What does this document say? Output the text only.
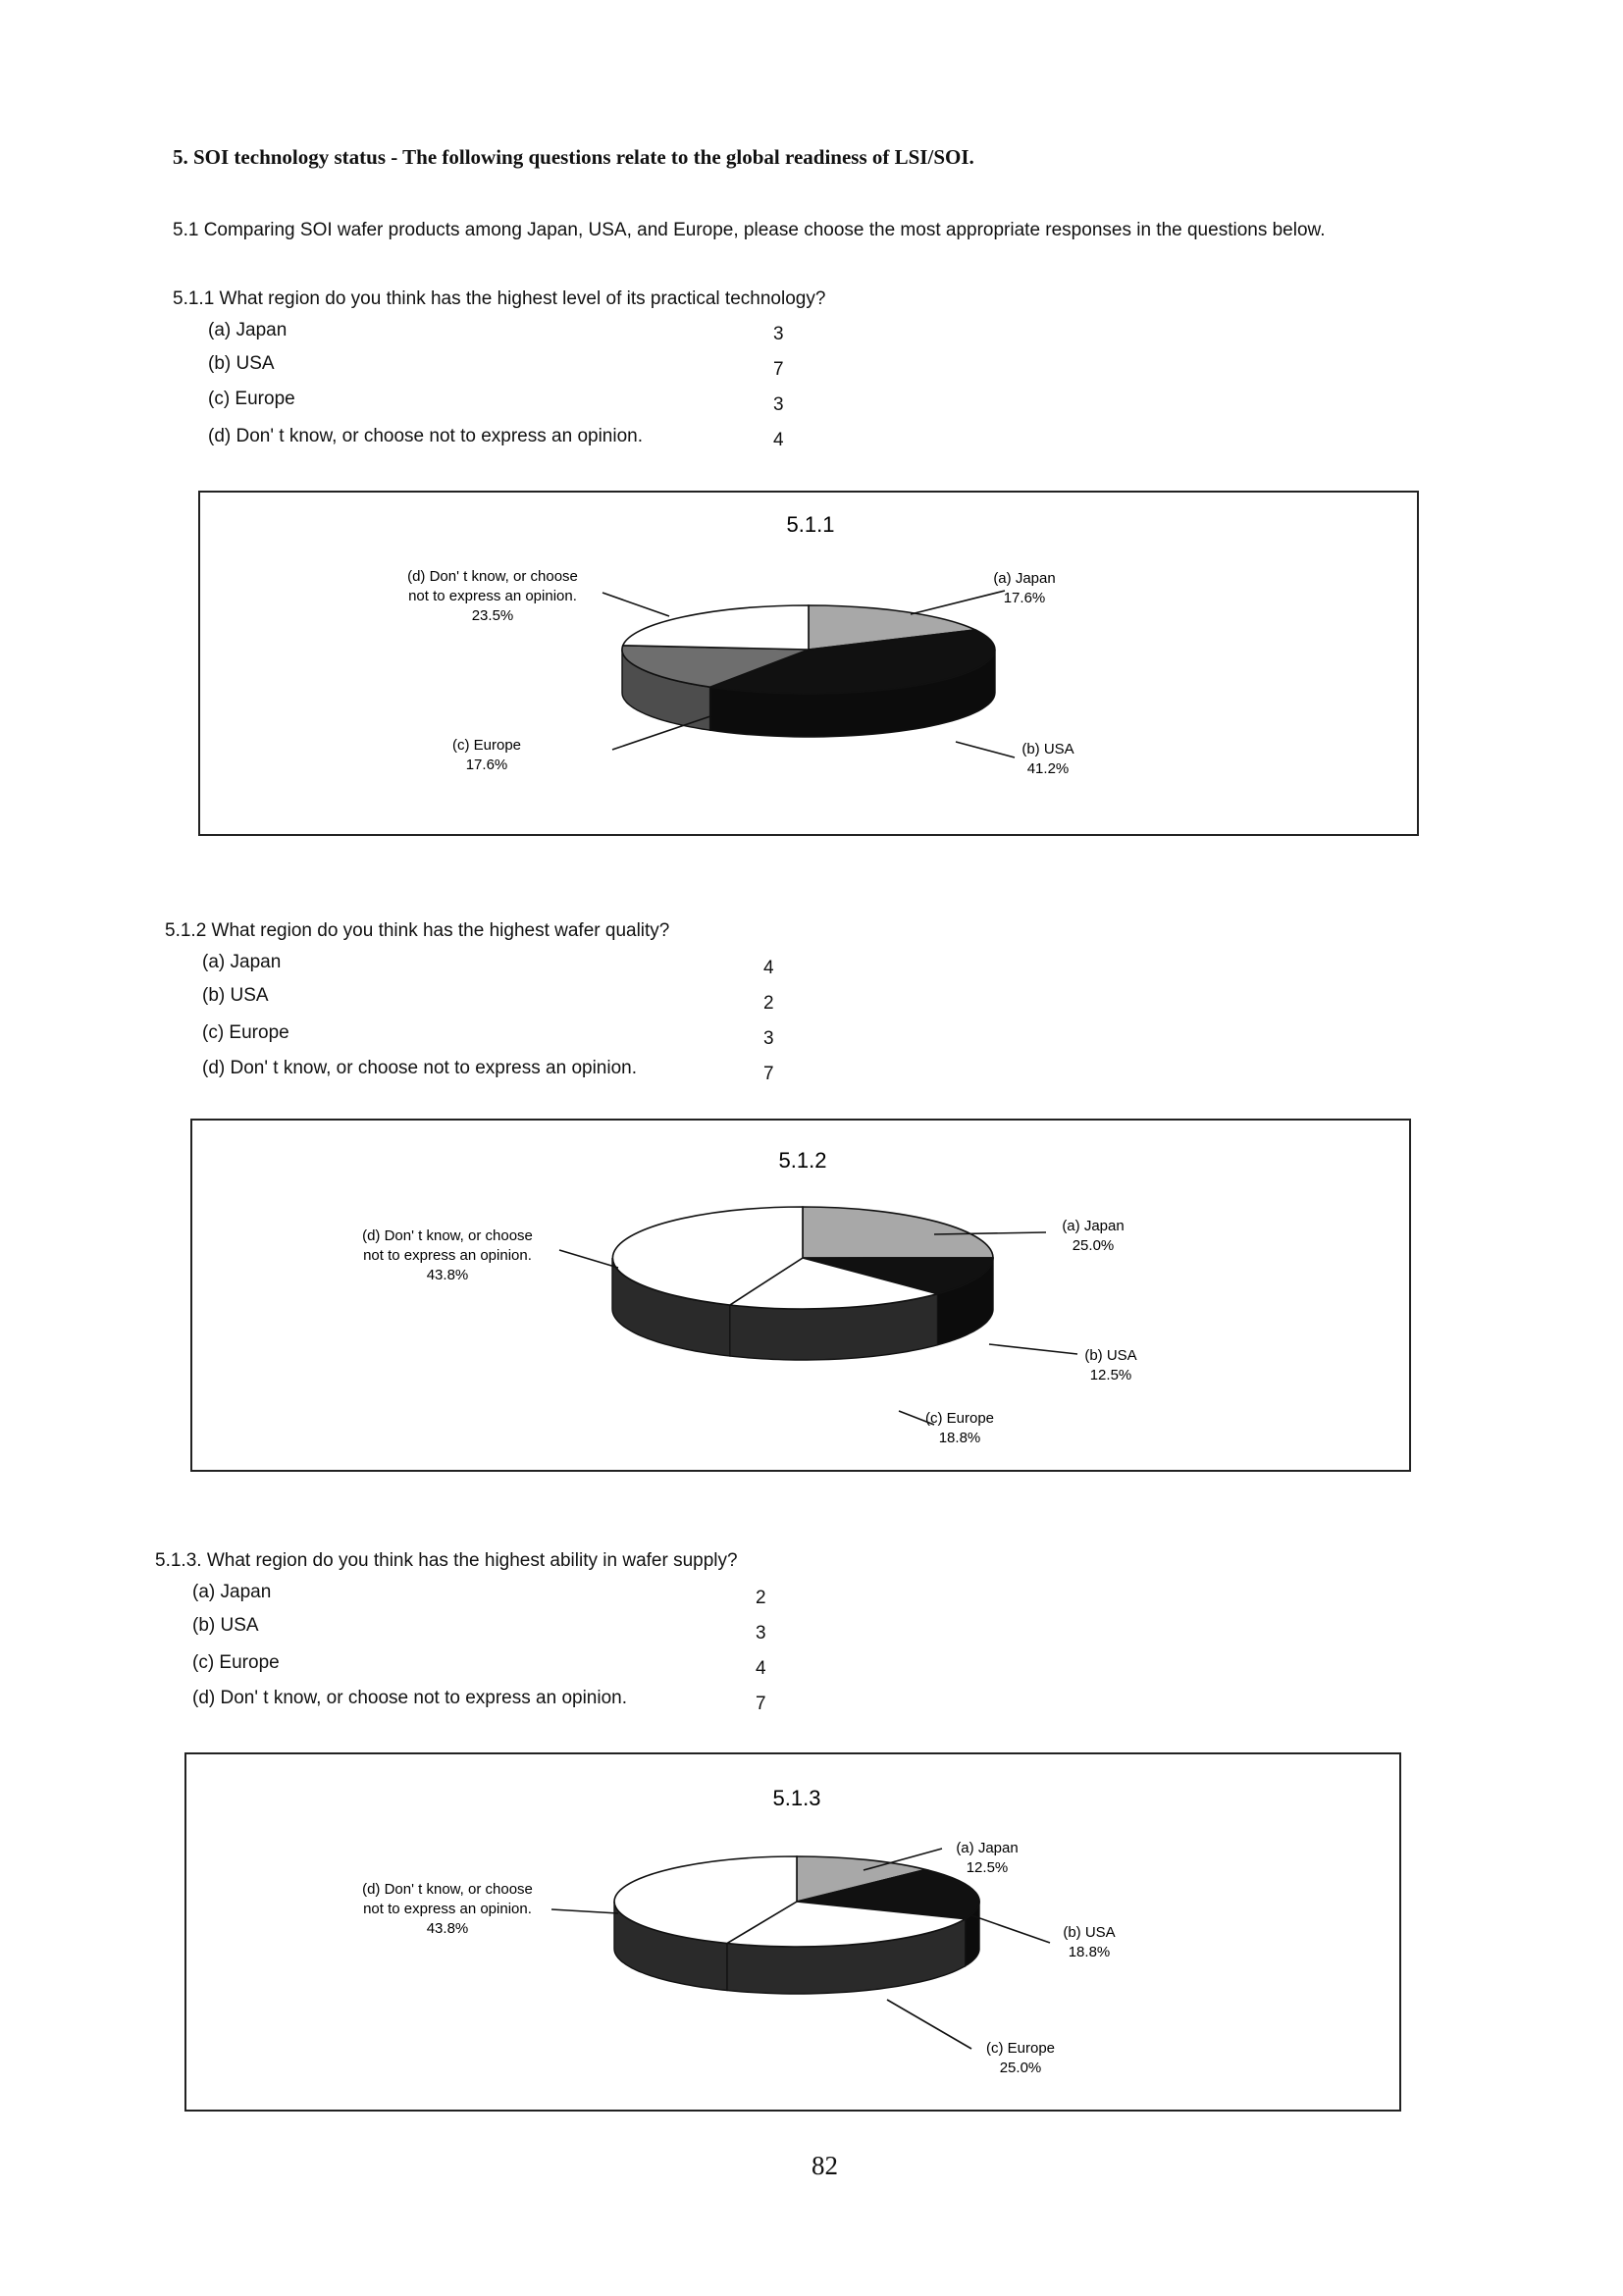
5. SOI technology status - The following questions relate to the global readiness of LSI/SOI.
5.1 Comparing SOI wafer products among Japan, USA, and Europe, please choose the most appropriate responses in the questions below.
5.1.1 What region do you think has the highest level of its practical technology?
(a) Japan	3
(b) USA	7
(c) Europe	3
(d) Don' t know, or choose not to express an opinion.	4
5.1.1
(a) Japan
17.6%
(b) USA
41.2%
(c) Europe
17.6%
(d) Don' t know, or choose
not to express an opinion.
23.5%
5.1.2 What region do you think has the highest wafer quality?
(a) Japan	4
(b) USA	2
(c) Europe	3
(d) Don' t know, or choose not to express an opinion.	7
5.1.2
(a) Japan
25.0%
(b) USA
12.5%
(c) Europe
18.8%
(d) Don' t know, or choose
not to express an opinion.
43.8%
5.1.3. What region do you think has the highest ability in wafer supply?
(a) Japan	2
(b) USA	3
(c) Europe	4
(d) Don' t know, or choose not to express an opinion.	7
5.1.3
(a) Japan
12.5%
(b) USA
18.8%
(c) Europe
25.0%
(d) Don' t know, or choose
not to express an opinion.
43.8%
82
